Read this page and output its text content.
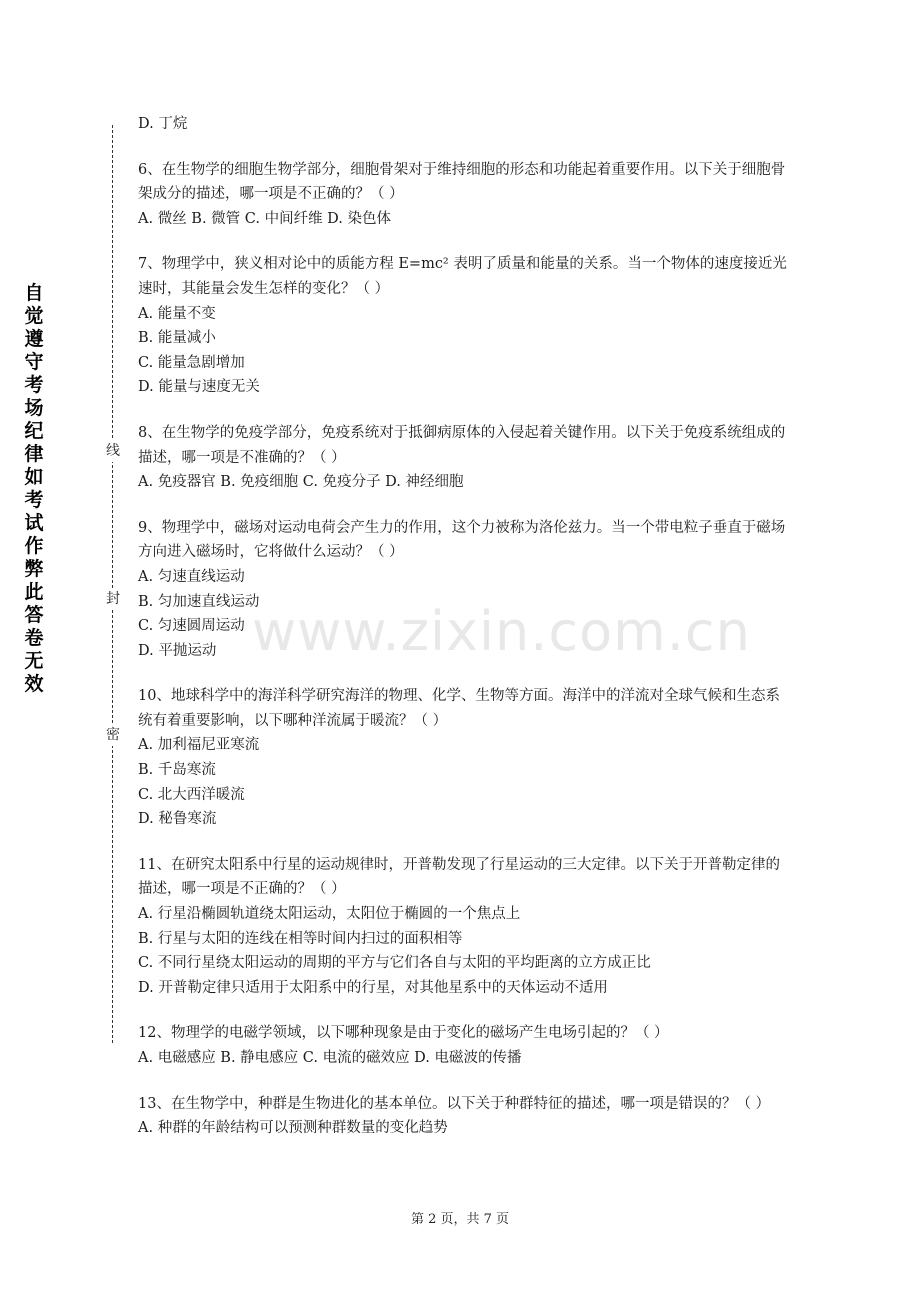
自觉遵守考场纪律如考试作弊此答卷无效
线
封
密
www.zixin.com.cn

D. 丁烷

6、在生物学的细胞生物学部分，细胞骨架对于维持细胞的形态和功能起着重要作用。以下关于细胞骨架成分的描述，哪一项是不正确的？（ ）

A. 微丝 B. 微管 C. 中间纤维 D. 染色体

7、物理学中，狭义相对论中的质能方程 E=mc² 表明了质量和能量的关系。当一个物体的速度接近光速时，其能量会发生怎样的变化？（ ）

A. 能量不变

B. 能量减小

C. 能量急剧增加

D. 能量与速度无关

8、在生物学的免疫学部分，免疫系统对于抵御病原体的入侵起着关键作用。以下关于免疫系统组成的描述，哪一项是不准确的？（ ）

A. 免疫器官 B. 免疫细胞 C. 免疫分子 D. 神经细胞

9、物理学中，磁场对运动电荷会产生力的作用，这个力被称为洛伦兹力。当一个带电粒子垂直于磁场方向进入磁场时，它将做什么运动？（ ）

A. 匀速直线运动

B. 匀加速直线运动

C. 匀速圆周运动

D. 平抛运动

10、地球科学中的海洋科学研究海洋的物理、化学、生物等方面。海洋中的洋流对全球气候和生态系统有着重要影响，以下哪种洋流属于暖流？（ ）

A. 加利福尼亚寒流

B. 千岛寒流

C. 北大西洋暖流

D. 秘鲁寒流

11、在研究太阳系中行星的运动规律时，开普勒发现了行星运动的三大定律。以下关于开普勒定律的描述，哪一项是不正确的？（ ）

A. 行星沿椭圆轨道绕太阳运动，太阳位于椭圆的一个焦点上

B. 行星与太阳的连线在相等时间内扫过的面积相等

C. 不同行星绕太阳运动的周期的平方与它们各自与太阳的平均距离的立方成正比

D. 开普勒定律只适用于太阳系中的行星，对其他星系中的天体运动不适用

12、物理学的电磁学领域，以下哪种现象是由于变化的磁场产生电场引起的？（ ）

A. 电磁感应 B. 静电感应 C. 电流的磁效应 D. 电磁波的传播

13、在生物学中，种群是生物进化的基本单位。以下关于种群特征的描述，哪一项是错误的？（ ）

A. 种群的年龄结构可以预测种群数量的变化趋势

第 2 页，共 7 页
